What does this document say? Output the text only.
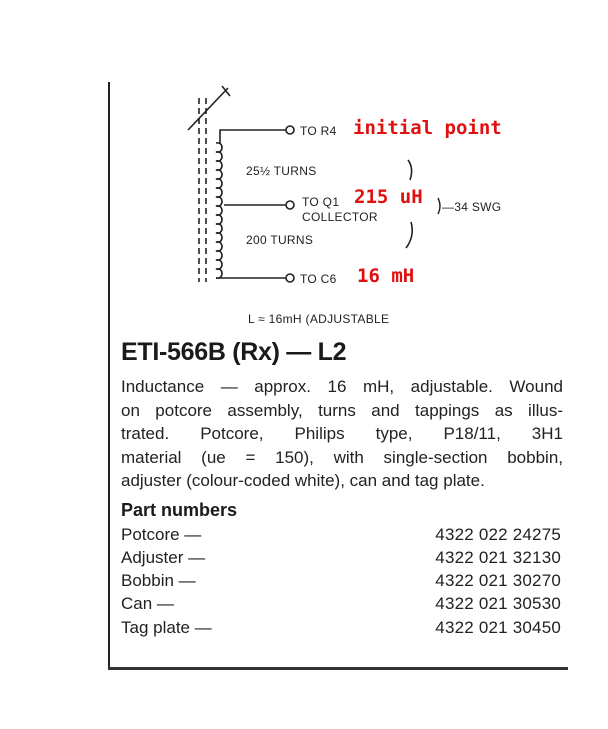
TO R4 initial point
25½ TURNS
TO Q1
COLLECTOR
215 uH —34 SWG
200 TURNS
TO C6 16 mH
L ≈ 16mH (ADJUSTABLE
ETI-566B (Rx) — L2
Inductance — approx. 16 mH, adjustable. Wound
on potcore assembly, turns and tappings as illus-
trated. Potcore, Philips type, P18/11, 3H1
material (ue = 150), with single-section bobbin,
adjuster (colour-coded white), can and tag plate.
Part numbers
Potcore —	4322 022 24275
Adjuster —	4322 021 32130
Bobbin —	4322 021 30270
Can —	4322 021 30530
Tag plate —	4322 021 30450
